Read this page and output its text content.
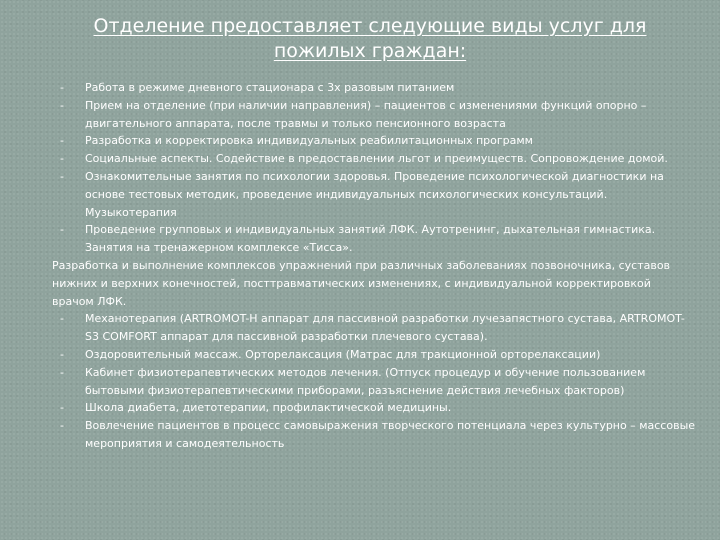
Отделение предоставляет следующие виды услуг для
пожилых граждан:
- Работа в режиме дневного стационара с 3х разовым питанием
- Прием на отделение (при наличии направления) – пациентов с изменениями функций опорно – двигательного аппарата, после травмы и только пенсионного возраста
- Разработка и корректировка индивидуальных реабилитационных программ
- Социальные аспекты. Содействие в предоставлении льгот и преимуществ. Сопровождение домой.
- Ознакомительные занятия по психологии здоровья. Проведение психологической диагностики на основе тестовых методик, проведение индивидуальных психологических консультаций. Музыкотерапия
- Проведение групповых и индивидуальных занятий ЛФК. Аутотренинг, дыхательная гимнастика. Занятия на тренажерном комплексе «Тисса».
Разработка и выполнение комплексов упражнений при различных заболеваниях позвоночника, суставов нижних и верхних конечностей, посттравматических изменениях, с индивидуальной корректировкой врачом ЛФК.
- Механотерапия (ARTROMOT-H аппарат для пассивной разработки лучезапястного сустава, ARTROMOT-S3 COMFORT аппарат для пассивной разработки плечевого сустава).
- Оздоровительный массаж. Орторелаксация (Матрас для тракционной орторелаксации)
- Кабинет физиотерапевтических методов лечения. (Отпуск процедур и обучение пользованием бытовыми физиотерапевтическими приборами, разъяснение действия лечебных факторов)
- Школа диабета, диетотерапии, профилактической медицины.
- Вовлечение пациентов в процесс самовыражения творческого потенциала через культурно – массовые мероприятия и самодеятельность
